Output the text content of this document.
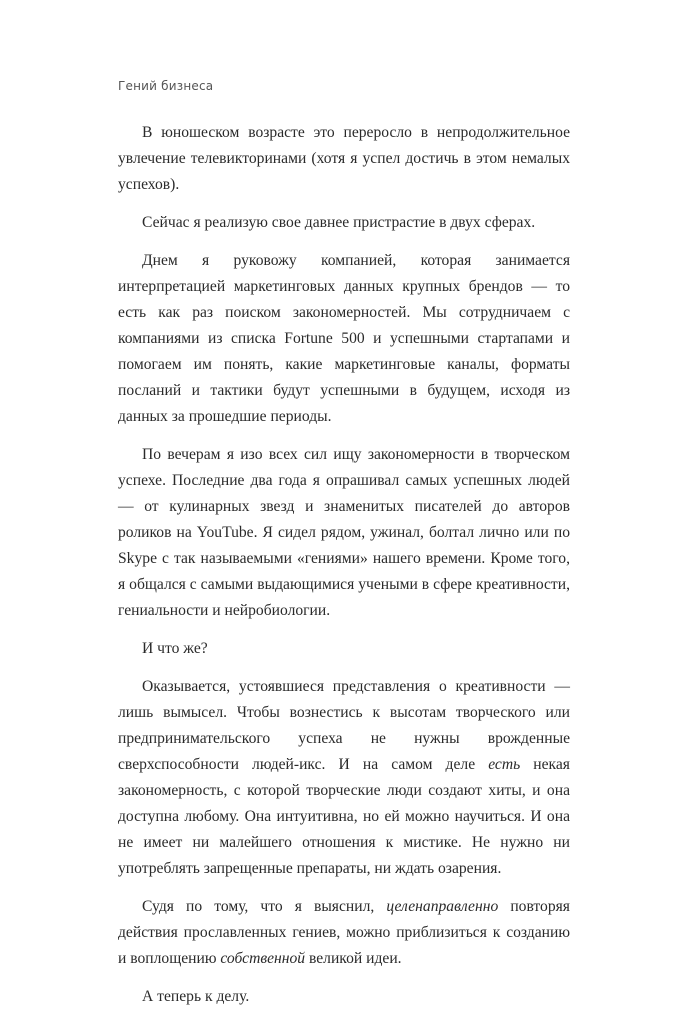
Гений бизнеса

В юношеском возрасте это переросло в непродолжительное увлечение телевикторинами (хотя я успел достичь в этом немалых успехов).

Сейчас я реализую свое давнее пристрастие в двух сферах.

Днем я руковожу компанией, которая занимается интерпретацией маркетинговых данных крупных брендов — то есть как раз поиском закономерностей. Мы сотрудничаем с компаниями из списка Fortune 500 и успешными стартапами и помогаем им понять, какие маркетинговые каналы, форматы посланий и тактики будут успешными в будущем, исходя из данных за прошедшие периоды.

По вечерам я изо всех сил ищу закономерности в творческом успехе. Последние два года я опрашивал самых успешных людей — от кулинарных звезд и знаменитых писателей до авторов роликов на YouTube. Я сидел рядом, ужинал, болтал лично или по Skype с так называемыми «гениями» нашего времени. Кроме того, я общался с самыми выдающимися учеными в сфере креативности, гениальности и нейробиологии.

И что же?

Оказывается, устоявшиеся представления о креативности — лишь вымысел. Чтобы вознестись к высотам творческого или предпринимательского успеха не нужны врожденные сверхспособности людей-икс. И на самом деле есть некая закономерность, с которой творческие люди создают хиты, и она доступна любому. Она интуитивна, но ей можно научиться. И она не имеет ни малейшего отношения к мистике. Не нужно ни употреблять запрещенные препараты, ни ждать озарения.

Судя по тому, что я выяснил, целенаправленно повторяя действия прославленных гениев, можно приблизиться к созданию и воплощению собственной великой идеи.

А теперь к делу.
